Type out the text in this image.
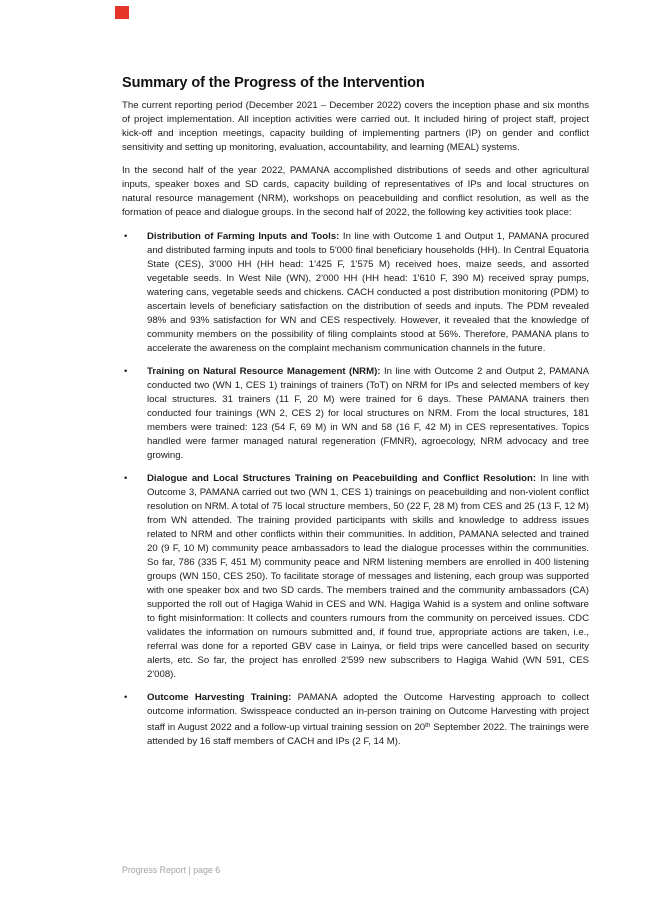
Summary of the Progress of the Intervention

The current reporting period (December 2021 – December 2022) covers the inception phase and six months of project implementation. All inception activities were carried out. It included hiring of project staff, project kick-off and inception meetings, capacity building of implementing partners (IP) on gender and conflict sensitivity and setting up monitoring, evaluation, accountability, and learning (MEAL) systems.

In the second half of the year 2022, PAMANA accomplished distributions of seeds and other agricultural inputs, speaker boxes and SD cards, capacity building of representatives of IPs and local structures on natural resource management (NRM), workshops on peacebuilding and conflict resolution, as well as the formation of peace and dialogue groups. In the second half of 2022, the following key activities took place:

• Distribution of Farming Inputs and Tools: In line with Outcome 1 and Output 1, PAMANA procured and distributed farming inputs and tools to 5'000 final beneficiary households (HH). In Central Equatoria State (CES), 3'000 HH (HH head: 1'425 F, 1'575 M) received hoes, maize seeds, and assorted vegetable seeds. In West Nile (WN), 2'000 HH (HH head: 1'610 F, 390 M) received spray pumps, watering cans, vegetable seeds and chickens. CACH conducted a post distribution monitoring (PDM) to ascertain levels of beneficiary satisfaction on the distribution of seeds and inputs. The PDM revealed 98% and 93% satisfaction for WN and CES respectively. However, it revealed that the knowledge of community members on the possibility of filing complaints stood at 56%. Therefore, PAMANA plans to accelerate the awareness on the complaint mechanism communication channels in the future.
• Training on Natural Resource Management (NRM): In line with Outcome 2 and Output 2, PAMANA conducted two (WN 1, CES 1) trainings of trainers (ToT) on NRM for IPs and selected members of key local structures. 31 trainers (11 F, 20 M) were trained for 6 days. These PAMANA trainers then conducted four trainings (WN 2, CES 2) for local structures on NRM. From the local structures, 181 members were trained: 123 (54 F, 69 M) in WN and 58 (16 F, 42 M) in CES representatives. Topics handled were farmer managed natural regeneration (FMNR), agroecology, NRM advocacy and tree growing.
• Dialogue and Local Structures Training on Peacebuilding and Conflict Resolution: In line with Outcome 3, PAMANA carried out two (WN 1, CES 1) trainings on peacebuilding and non-violent conflict resolution on NRM. A total of 75 local structure members, 50 (22 F, 28 M) from CES and 25 (13 F, 12 M) from WN attended. The training provided participants with skills and knowledge to address issues related to NRM and other conflicts within their communities. In addition, PAMANA selected and trained 20 (9 F, 10 M) community peace ambassadors to lead the dialogue processes within the communities. So far, 786 (335 F, 451 M) community peace and NRM listening members are enrolled in 400 listening groups (WN 150, CES 250). To facilitate storage of messages and listening, each group was supported with one speaker box and two SD cards. The members trained and the community ambassadors (CA) supported the roll out of Hagiga Wahid in CES and WN. Hagiga Wahid is a system and online software to fight misinformation: It collects and counters rumours from the community on perceived issues. CDC validates the information on rumours submitted and, if found true, appropriate actions are taken, i.e., referral was done for a reported GBV case in Lainya, or field trips were cancelled based on security alerts, etc. So far, the project has enrolled 2'599 new subscribers to Hagiga Wahid (WN 591, CES 2'008).
• Outcome Harvesting Training: PAMANA adopted the Outcome Harvesting approach to collect outcome information. Swisspeace conducted an in-person training on Outcome Harvesting with project staff in August 2022 and a follow-up virtual training session on 20th September 2022. The trainings were attended by 16 staff members of CACH and IPs (2 F, 14 M).
Progress Report | page 6
